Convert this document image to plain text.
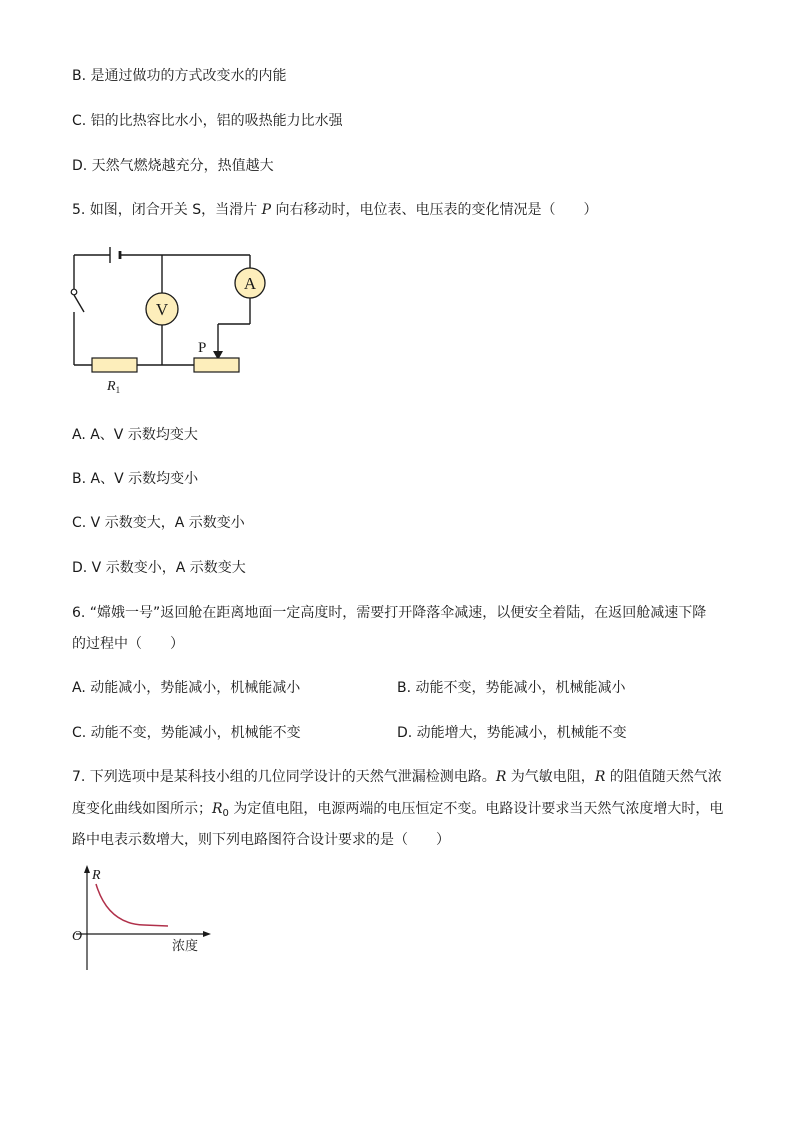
B. 是通过做功的方式改变水的内能
C. 铝的比热容比水小，铝的吸热能力比水强
D. 天然气燃烧越充分，热值越大
5. 如图，闭合开关 S，当滑片 P 向右移动时，电位表、电压表的变化情况是（　　）
V
A
P
$R_1$
A. A、V 示数均变大
B. A、V 示数均变小
C. V 示数变大，A 示数变小
D. V 示数变小，A 示数变大
6. “嫦娥一号”返回舱在距离地面一定高度时，需要打开降落伞减速，以便安全着陆，在返回舱减速下降
的过程中（　　）
A. 动能减小，势能减小，机械能减小	B. 动能不变，势能减小，机械能减小
C. 动能不变，势能减小，机械能不变	D. 动能增大，势能减小，机械能不变
7. 下列选项中是某科技小组的几位同学设计的天然气泄漏检测电路。R 为气敏电阻，R 的阻值随天然气浓
度变化曲线如图所示；$R_0$ 为定值电阻，电源两端的电压恒定不变。电路设计要求当天然气浓度增大时，电
路中电表示数增大，则下列电路图符合设计要求的是（　　）
R
O
浓度
